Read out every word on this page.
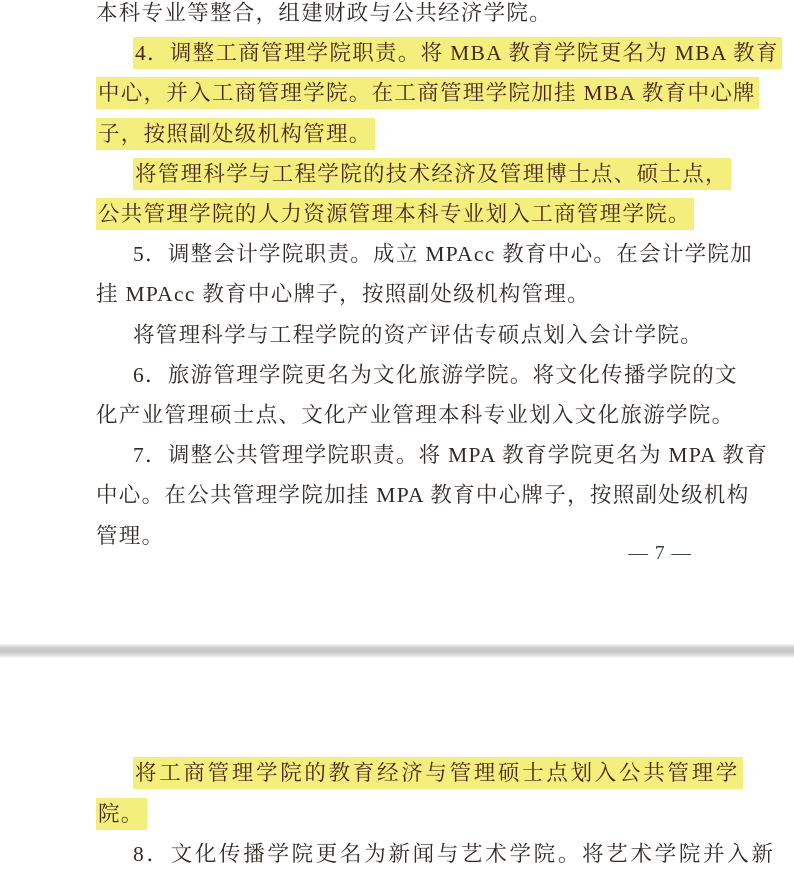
本科专业等整合，组建财政与公共经济学院。
4．调整工商管理学院职责。将 MBA 教育学院更名为 MBA 教育
中心，并入工商管理学院。在工商管理学院加挂 MBA 教育中心牌
子，按照副处级机构管理。
将管理科学与工程学院的技术经济及管理博士点、硕士点，
公共管理学院的人力资源管理本科专业划入工商管理学院。
5．调整会计学院职责。成立 MPAcc 教育中心。在会计学院加
挂 MPAcc 教育中心牌子，按照副处级机构管理。
将管理科学与工程学院的资产评估专硕点划入会计学院。
6．旅游管理学院更名为文化旅游学院。将文化传播学院的文
化产业管理硕士点、文化产业管理本科专业划入文化旅游学院。
7．调整公共管理学院职责。将 MPA 教育学院更名为 MPA 教育
中心。在公共管理学院加挂 MPA 教育中心牌子，按照副处级机构
管理。
— 7 —
将工商管理学院的教育经济与管理硕士点划入公共管理学
院。
8．文化传播学院更名为新闻与艺术学院。将艺术学院并入新
